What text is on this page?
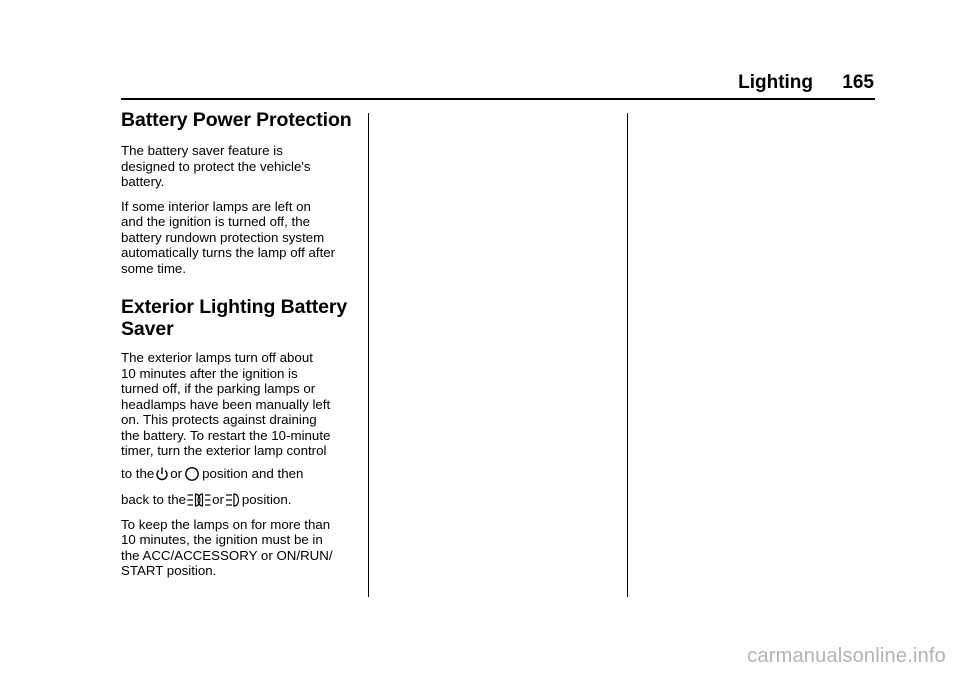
Lighting 165
Battery Power Protection

The battery saver feature is
designed to protect the vehicle's
battery.

If some interior lamps are left on
and the ignition is turned off, the
battery rundown protection system
automatically turns the lamp off after
some time.

Exterior Lighting Battery
Saver

The exterior lamps turn off about
10 minutes after the ignition is
turned off, if the parking lamps or
headlamps have been manually left
on. This protects against draining
the battery. To restart the 10-minute
timer, turn the exterior lamp control

to the or position and then
back to the or position.

To keep the lamps on for more than
10 minutes, the ignition must be in
the ACC/ACCESSORY or ON/RUN/
START position.

carmanualsonline.info
